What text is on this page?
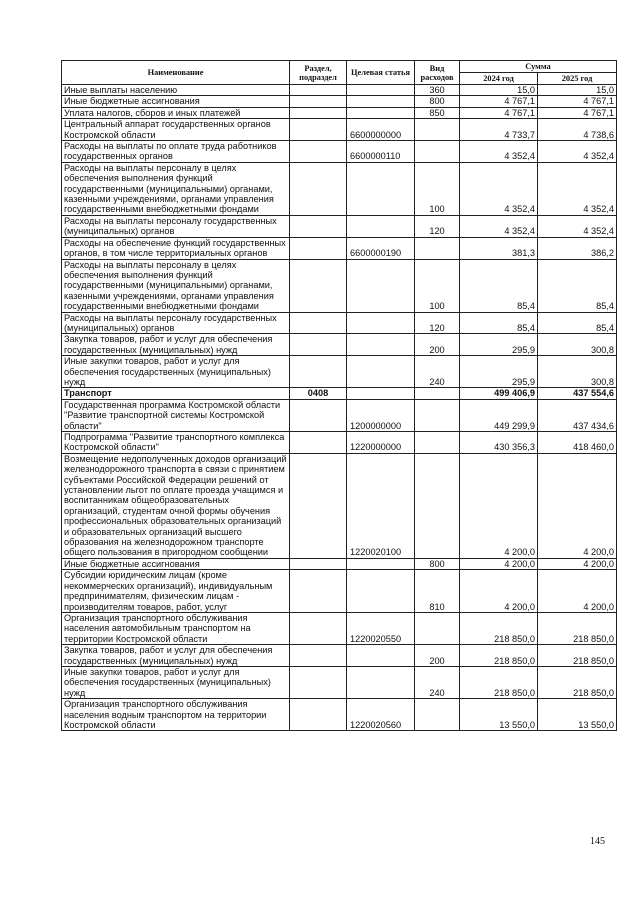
Наименование	Раздел, подраздел	Целевая статья	Вид расходов	Сумма	
				2024 год	2025 год
Иные выплаты населению			360	15,0	15,0
Иные бюджетные ассигнования			800	4 767,1	4 767,1
Уплата налогов, сборов и иных платежей			850	4 767,1	4 767,1
Центральный аппарат государственных органов Костромской области		6600000000		4 733,7	4 738,6
Расходы на выплаты по оплате труда работников государственных органов		6600000110		4 352,4	4 352,4
Расходы на выплаты персоналу в целях обеспечения выполнения функций государственными (муниципальными) органами, казенными учреждениями, органами управления государственными внебюджетными фондами			100	4 352,4	4 352,4
Расходы на выплаты персоналу государственных (муниципальных) органов			120	4 352,4	4 352,4
Расходы на обеспечение функций государственных органов, в том числе территориальных органов		6600000190		381,3	386,2
Расходы на выплаты персоналу в целях обеспечения выполнения функций государственными (муниципальными) органами, казенными учреждениями, органами управления государственными внебюджетными фондами			100	85,4	85,4
Расходы на выплаты персоналу государственных (муниципальных) органов			120	85,4	85,4
Закупка товаров, работ и услуг для обеспечения государственных (муниципальных) нужд			200	295,9	300,8
Иные закупки товаров, работ и услуг для обеспечения государственных (муниципальных) нужд			240	295,9	300,8
Транспорт	0408			499 406,9	437 554,6
Государственная программа Костромской области "Развитие транспортной системы Костромской области"		1200000000		449 299,9	437 434,6
Подпрограмма "Развитие транспортного комплекса Костромской области"		1220000000		430 356,3	418 460,0
Возмещение недополученных доходов организаций железнодорожного транспорта в связи с принятием субъектами Российской Федерации решений от установлении льгот по оплате проезда учащимся и воспитанникам общеобразовательных организаций, студентам очной формы обучения профессиональных образовательных организаций и образовательных организаций высшего образования на железнодорожном транспорте общего пользования в пригородном сообщении		1220020100		4 200,0	4 200,0
Иные бюджетные ассигнования			800	4 200,0	4 200,0
Субсидии юридическим лицам (кроме некоммерческих организаций), индивидуальным предпринимателям, физическим лицам - производителям товаров, работ, услуг			810	4 200,0	4 200,0
Организация транспортного обслуживания населения автомобильным транспортом на территории Костромской области		1220020550		218 850,0	218 850,0
Закупка товаров, работ и услуг для обеспечения государственных (муниципальных) нужд			200	218 850,0	218 850,0
Иные закупки товаров, работ и услуг для обеспечения государственных (муниципальных) нужд			240	218 850,0	218 850,0
Организация транспортного обслуживания населения водным транспортом на территории Костромской области		1220020560		13 550,0	13 550,0
145
